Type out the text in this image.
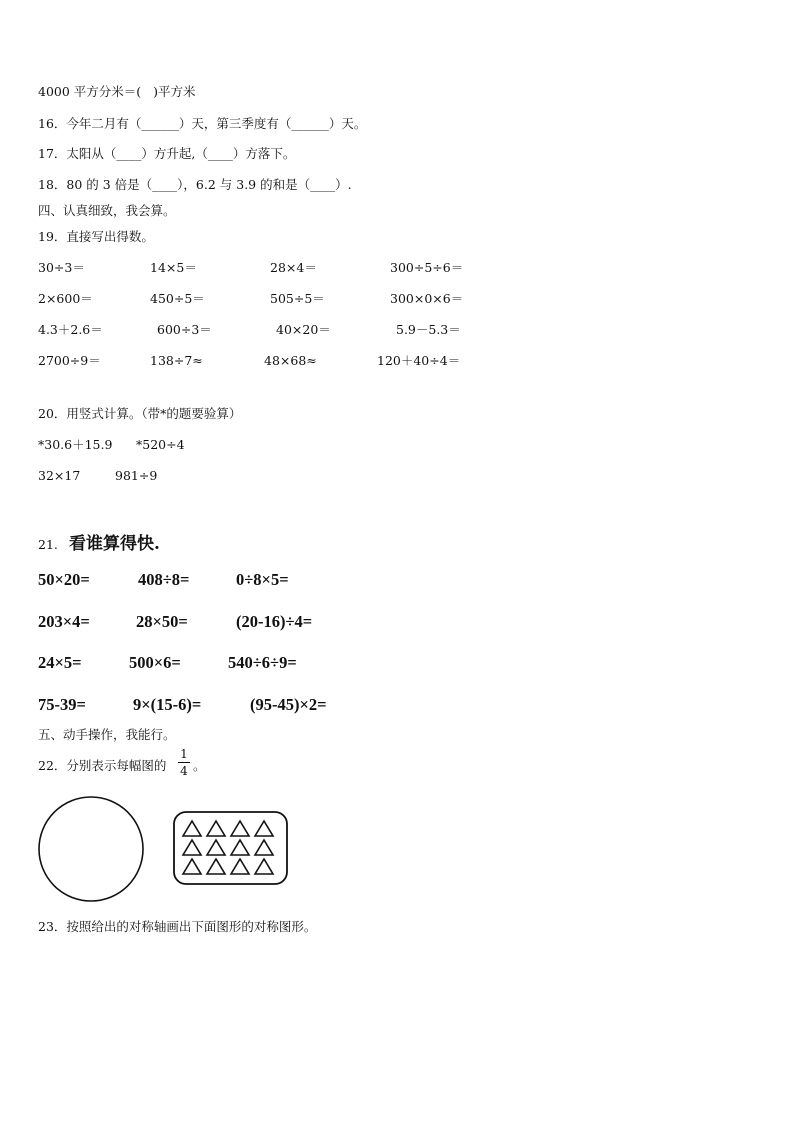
4000 平方分米＝(   )平方米
16．今年二月有（______）天，第三季度有（______）天。
17．太阳从（____）方升起,（____）方落下。
18．80 的 3 倍是（____），6.2 与 3.9 的和是（____）.
四、认真细致，我会算。
19．直接写出得数。
30÷3＝	14×5＝	28×4＝	300÷5÷6＝
2×600＝	450÷5＝	505÷5＝	300×0×6＝
4.3＋2.6＝	600÷3＝	40×20＝	5.9－5.3＝
2700÷9＝	138÷7≈	48×68≈	120＋40÷4＝
20．用竖式计算。（带*的题要验算）
*30.6＋15.9 *520÷4
32×17	981÷9
21. 看谁算得快.
50×20=	408÷8=	0÷8×5=
203×4=	28×50=	(20-16)÷4=
24×5=	500×6=	540÷6÷9=
75-39=	9×(15-6)=	(95-45)×2=
五、动手操作，我能行。
22．分别表示每幅图的
1
4 。
23．按照给出的对称轴画出下面图形的对称图形。
